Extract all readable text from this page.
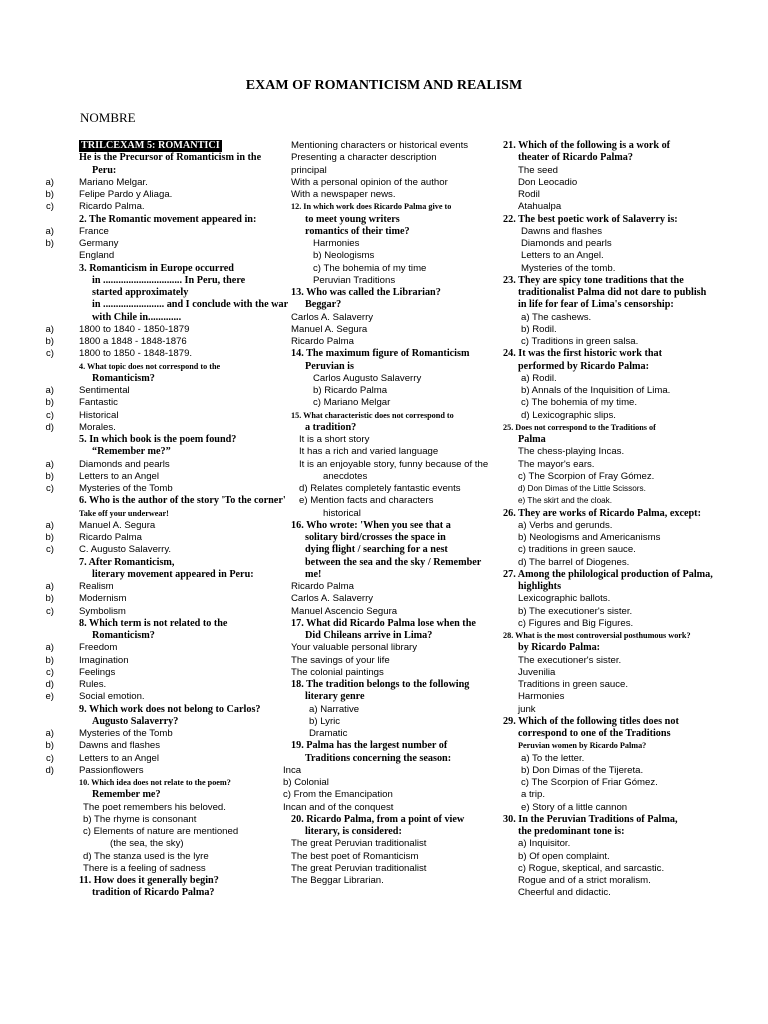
EXAM OF ROMANTICISM AND REALISM
NOMBRE
TRILCEXAM 5: ROMANTICI
He is the Precursor of Romanticism in the
Peru:
a)	Mariano Melgar.
b)	Felipe Pardo y Aliaga.
c)	Ricardo Palma.
2. The Romantic movement appeared in:
a)	France
b)	Germany
England
3. Romanticism in Europe occurred
in ............................... In Peru, there
started approximately
in ........................ and I conclude with the war
with Chile in.............
a)	1800 to 1840 - 1850-1879
b)	1800 a 1848 - 1848-1876
c)	1800 to 1850 - 1848-1879.
4. What topic does not correspond to the
Romanticism?
a)	Sentimental
b)	Fantastic
c)	Historical
d)	Morales.
5. In which book is the poem found?
“Remember me?”
a)	Diamonds and pearls
b)	Letters to an Angel
c)	Mysteries of the Tomb
6. Who is the author of the story 'To the corner'
Take off your underwear!
a)	Manuel A. Segura
b)	Ricardo Palma
c)	C. Augusto Salaverry.
7. After Romanticism,
literary movement appeared in Peru:
a)	Realism
b)	Modernism
c)	Symbolism
8. Which term is not related to the
Romanticism?
a)	Freedom
b)	Imagination
c)	Feelings
d)	Rules.
e)	Social emotion.
9. Which work does not belong to Carlos?
Augusto Salaverry?
a)	Mysteries of the Tomb
b)	Dawns and flashes
c)	Letters to an Angel
d)	Passionflowers
10. Which idea does not relate to the poem?
Remember me?
The poet remembers his beloved.
b) The rhyme is consonant
c) Elements of nature are mentioned
(the sea, the sky)
d) The stanza used is the lyre
There is a feeling of sadness
11. How does it generally begin?
tradition of Ricardo Palma?
Mentioning characters or historical events
Presenting a character description
principal
With a personal opinion of the author
With a newspaper news.
12. In which work does Ricardo Palma give to
to meet young writers
romantics of their time?
Harmonies
b) Neologisms
c) The bohemia of my time
Peruvian Traditions
13. Who was called the Librarian?
Beggar?
Carlos A. Salaverry
Manuel A. Segura
Ricardo Palma
14. The maximum figure of Romanticism
Peruvian is
Carlos Augusto Salaverry
b) Ricardo Palma
c) Mariano Melgar
15. What characteristic does not correspond to
a tradition?
It is a short story
It has a rich and varied language
It is an enjoyable story, funny because of the
anecdotes
d) Relates completely fantastic events
e) Mention facts and characters
historical
16. Who wrote: 'When you see that a
solitary bird/crosses the space in
dying flight / searching for a nest
between the sea and the sky / Remember
me!
Ricardo Palma
Carlos A. Salaverry
Manuel Ascencio Segura
17. What did Ricardo Palma lose when the
Did Chileans arrive in Lima?
Your valuable personal library
The savings of your life
The colonial paintings
18. The tradition belongs to the following
literary genre
a) Narrative
b) Lyric
Dramatic
19. Palma has the largest number of
Traditions concerning the season:
Inca
b) Colonial
c) From the Emancipation
Incan and of the conquest
20. Ricardo Palma, from a point of view
literary, is considered:
The great Peruvian traditionalist
The best poet of Romanticism
The great Peruvian traditionalist
The Beggar Librarian.
21. Which of the following is a work of
theater of Ricardo Palma?
The seed
Don Leocadio
Rodil
Atahualpa
22. The best poetic work of Salaverry is:
Dawns and flashes
Diamonds and pearls
Letters to an Angel.
Mysteries of the tomb.
23. They are spicy tone traditions that the
traditionalist Palma did not dare to publish
in life for fear of Lima's censorship:
a) The cashews.
b) Rodil.
c) Traditions in green salsa.
24. It was the first historic work that
performed by Ricardo Palma:
a) Rodil.
b) Annals of the Inquisition of Lima.
c) The bohemia of my time.
d) Lexicographic slips.
25. Does not correspond to the Traditions of
Palma
The chess-playing Incas.
The mayor's ears.
c) The Scorpion of Fray Gómez.
d) Don Dimas of the Little Scissors.
e) The skirt and the cloak.
26. They are works of Ricardo Palma, except:
a) Verbs and gerunds.
b) Neologisms and Americanisms
c) traditions in green sauce.
d) The barrel of Diogenes.
27. Among the philological production of Palma,
highlights
Lexicographic ballots.
b) The executioner's sister.
c) Figures and Big Figures.
28. What is the most controversial posthumous work?
by Ricardo Palma:
The executioner's sister.
Juvenilia
Traditions in green sauce.
Harmonies
junk
29. Which of the following titles does not
correspond to one of the Traditions
Peruvian women by Ricardo Palma?
a) To the letter.
b) Don Dimas of the Tijereta.
c) The Scorpion of Friar Gómez.
a trip.
e) Story of a little cannon
30. In the Peruvian Traditions of Palma,
the predominant tone is:
a) Inquisitor.
b) Of open complaint.
c) Rogue, skeptical, and sarcastic.
Rogue and of a strict moralism.
Cheerful and didactic.
